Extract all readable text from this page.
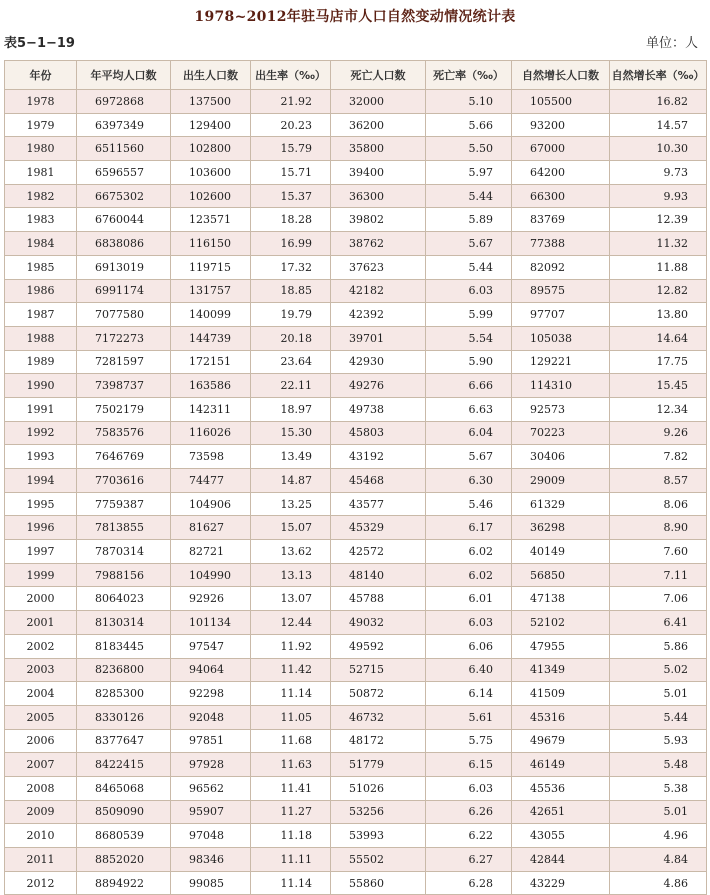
1978~2012年驻马店市人口自然变动情况统计表
表5−1−19	单位：人
年份	年平均人口数	出生人口数	出生率（‰）	死亡人口数	死亡率（‰）	自然增长人口数	自然增长率（‰）
1978	6972868	137500	21.92	32000	5.10	105500	16.82
1979	6397349	129400	20.23	36200	5.66	93200	14.57
1980	6511560	102800	15.79	35800	5.50	67000	10.30
1981	6596557	103600	15.71	39400	5.97	64200	9.73
1982	6675302	102600	15.37	36300	5.44	66300	9.93
1983	6760044	123571	18.28	39802	5.89	83769	12.39
1984	6838086	116150	16.99	38762	5.67	77388	11.32
1985	6913019	119715	17.32	37623	5.44	82092	11.88
1986	6991174	131757	18.85	42182	6.03	89575	12.82
1987	7077580	140099	19.79	42392	5.99	97707	13.80
1988	7172273	144739	20.18	39701	5.54	105038	14.64
1989	7281597	172151	23.64	42930	5.90	129221	17.75
1990	7398737	163586	22.11	49276	6.66	114310	15.45
1991	7502179	142311	18.97	49738	6.63	92573	12.34
1992	7583576	116026	15.30	45803	6.04	70223	9.26
1993	7646769	73598	13.49	43192	5.67	30406	7.82
1994	7703616	74477	14.87	45468	6.30	29009	8.57
1995	7759387	104906	13.25	43577	5.46	61329	8.06
1996	7813855	81627	15.07	45329	6.17	36298	8.90
1997	7870314	82721	13.62	42572	6.02	40149	7.60
1999	7988156	104990	13.13	48140	6.02	56850	7.11
2000	8064023	92926	13.07	45788	6.01	47138	7.06
2001	8130314	101134	12.44	49032	6.03	52102	6.41
2002	8183445	97547	11.92	49592	6.06	47955	5.86
2003	8236800	94064	11.42	52715	6.40	41349	5.02
2004	8285300	92298	11.14	50872	6.14	41509	5.01
2005	8330126	92048	11.05	46732	5.61	45316	5.44
2006	8377647	97851	11.68	48172	5.75	49679	5.93
2007	8422415	97928	11.63	51779	6.15	46149	5.48
2008	8465068	96562	11.41	51026	6.03	45536	5.38
2009	8509090	95907	11.27	53256	6.26	42651	5.01
2010	8680539	97048	11.18	53993	6.22	43055	4.96
2011	8852020	98346	11.11	55502	6.27	42844	4.84
2012	8894922	99085	11.14	55860	6.28	43229	4.86
